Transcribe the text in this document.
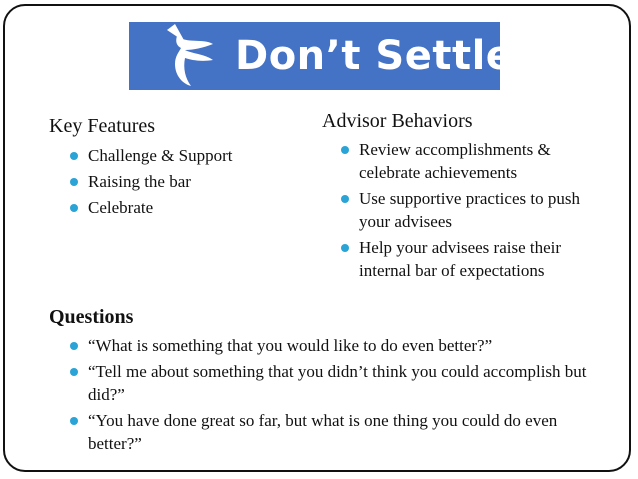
Don’t Settle
Key Features
Challenge & Support
Raising the bar
Celebrate
Advisor Behaviors
Review accomplishments & celebrate achievements
Use supportive practices to push your advisees
Help your advisees raise their internal bar of expectations
Questions
“What is something that you would like to do even better?”
“Tell me about something that you didn’t think you could accomplish but did?”
“You have done great so far, but what is one thing you could do even better?”
